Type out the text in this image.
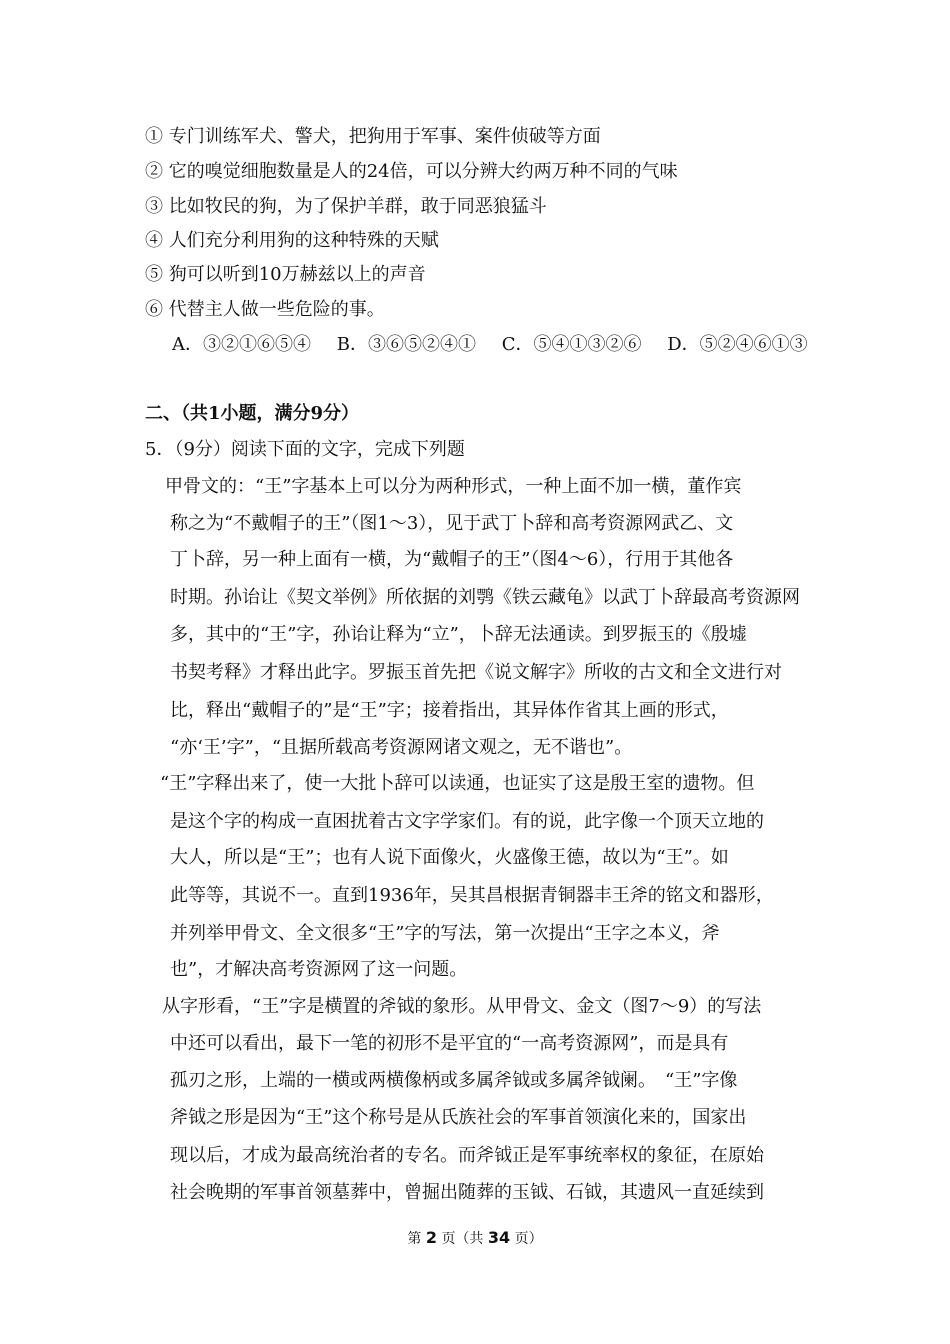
① 专门训练军犬、警犬，把狗用于军事、案件侦破等方面
② 它的嗅觉细胞数量是人的24倍，可以分辨大约两万种不同的气味
③ 比如牧民的狗，为了保护羊群，敢于同恶狼猛斗
④ 人们充分利用狗的这种特殊的天赋
⑤ 狗可以听到10万赫兹以上的声音
⑥ 代替主人做一些危险的事。
A．③②①⑥⑤④ B．③⑥⑤②④① C．⑤④①③②⑥ D．⑤②④⑥①③
二、（共1小题，满分9分）
5．（9分）阅读下面的文字，完成下列题
甲骨文的：“王”字基本上可以分为两种形式，一种上面不加一横，董作宾
称之为“不戴帽子的王”（图1～3），见于武丁卜辞和高考资源网武乙、文
丁卜辞，另一种上面有一横，为“戴帽子的王”（图4～6），行用于其他各
时期。孙诒让《契文举例》所依据的刘鹗《铁云藏龟》以武丁卜辞最高考资源网
多，其中的“王”字，孙诒让释为“立”，卜辞无法通读。到罗振玉的《殷墟
书契考释》才释出此字。罗振玉首先把《说文解字》所收的古文和全文进行对
比，释出“戴帽子的”是“王”字；接着指出，其异体作省其上画的形式，
“亦‘王’字”，“且据所载高考资源网诸文观之，无不谐也”。
“王”字释出来了，使一大批卜辞可以读通，也证实了这是殷王室的遗物。但
是这个字的构成一直困扰着古文字学家们。有的说，此字像一个顶天立地的
大人，所以是“王”；也有人说下面像火，火盛像王德，故以为“王”。如
此等等，其说不一。直到1936年，吴其昌根据青铜器丰王斧的铭文和器形，
并列举甲骨文、全文很多“王”字的写法，第一次提出“王字之本义，斧
也”，才解决高考资源网了这一问题。
从字形看，“王”字是横置的斧钺的象形。从甲骨文、金文（图7～9）的写法
中还可以看出，最下一笔的初形不是平宜的“一高考资源网”，而是具有
孤刃之形，上端的一横或两横像柄或多属斧钺或多属斧钺阑。　“王”字像
斧钺之形是因为“王”这个称号是从氏族社会的军事首领演化来的，国家出
现以后，才成为最高统治者的专名。而斧钺正是军事统率权的象征，在原始
社会晚期的军事首领墓葬中，曾掘出随葬的玉钺、石钺，其遗风一直延续到
第 2 页（共 34 页）
